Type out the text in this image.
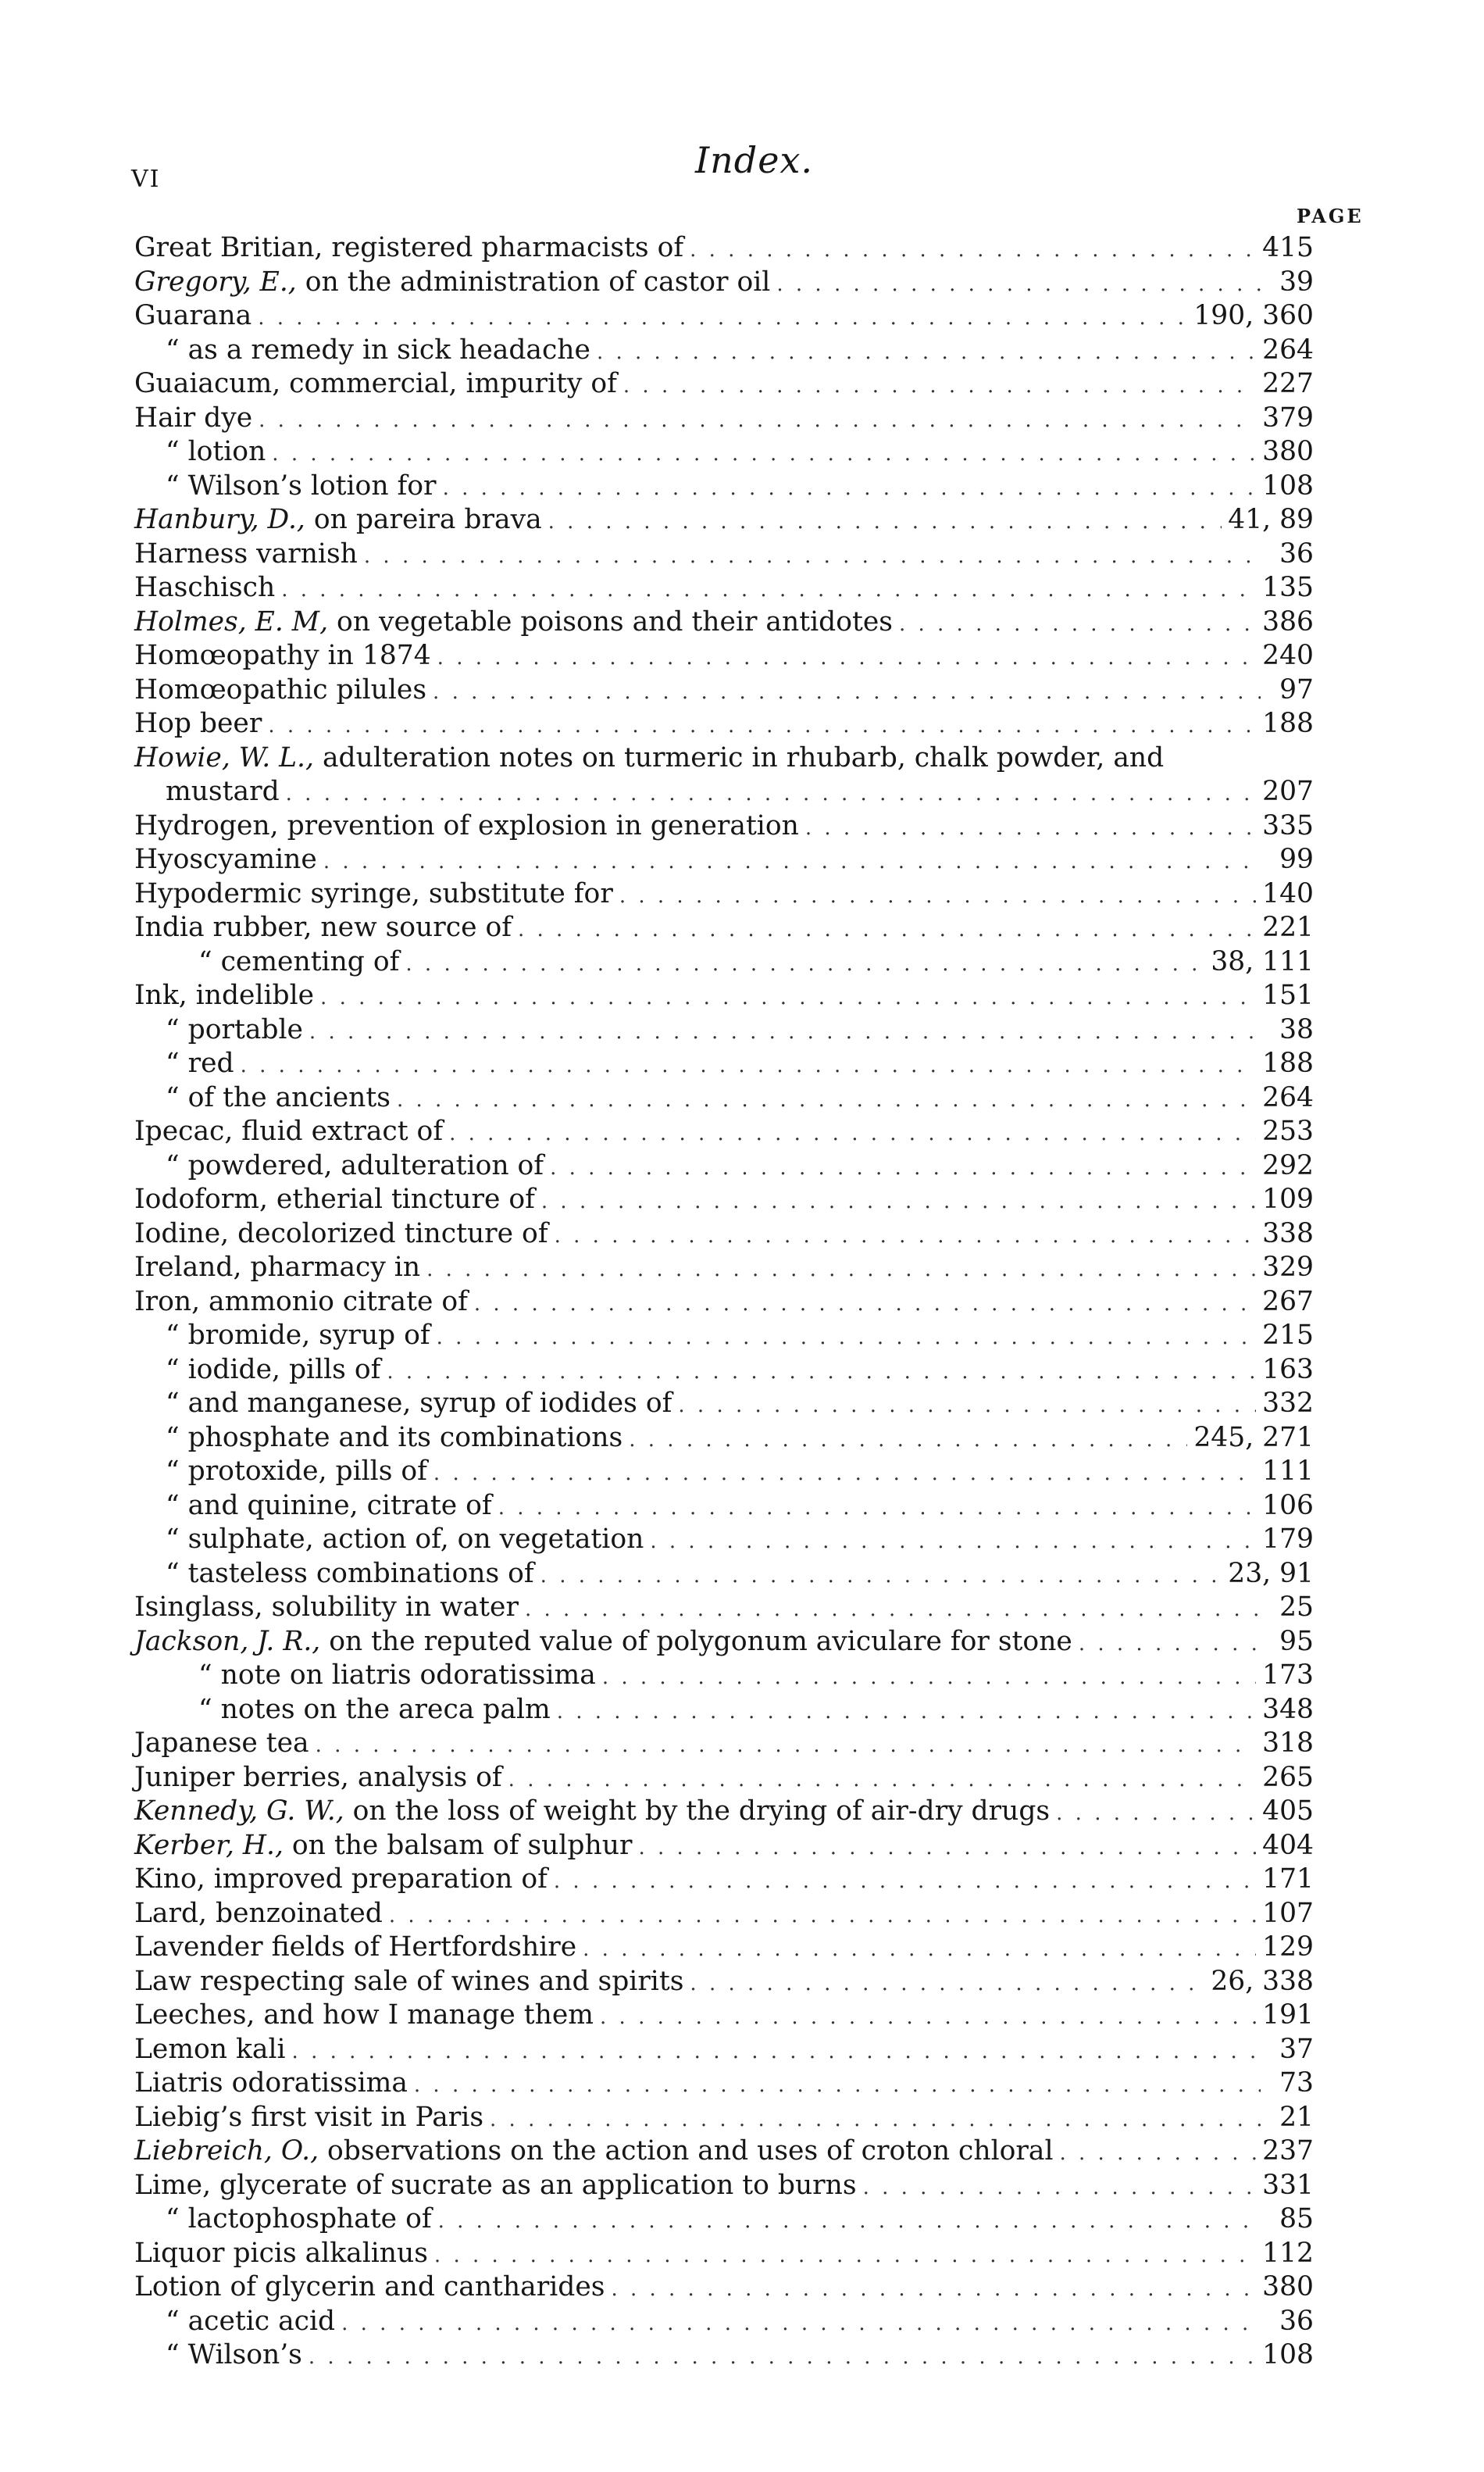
VI	Index.
PAGE
Great Britian, registered pharmacists of . . .	415
Gregory, E., on the administration of castor oil . . .	39
Guarana . . .	190, 360
“ as a remedy in sick headache . . .	264
Guaiacum, commercial, impurity of . . .	227
Hair dye . . .	379
“ lotion . . .	380
“ Wilson’s lotion for . . .	108
Hanbury, D., on pareira brava . . .	41, 89
Harness varnish . . .	36
Haschisch . . .	135
Holmes, E. M, on vegetable poisons and their antidotes . . .	386
Homœopathy in 1874 . . .	240
Homœopathic pilules . . .	97
Hop beer . . .	188
Howie, W. L., adulteration notes on turmeric in rhubarb, chalk powder, and
mustard . . .	207
Hydrogen, prevention of explosion in generation . . .	335
Hyoscyamine . . .	99
Hypodermic syringe, substitute for . . .	140
India rubber, new source of . . .	221
“ cementing of . . .	38, 111
Ink, indelible . . .	151
“ portable . . .	38
“ red . . .	188
“ of the ancients . . .	264
Ipecac, fluid extract of . . .	253
“ powdered, adulteration of . . .	292
Iodoform, etherial tincture of . . .	109
Iodine, decolorized tincture of . . .	338
Ireland, pharmacy in . . .	329
Iron, ammonio citrate of . . .	267
“ bromide, syrup of . . .	215
“ iodide, pills of . . .	163
“ and manganese, syrup of iodides of . . .	332
“ phosphate and its combinations . . .	245, 271
“ protoxide, pills of . . .	111
“ and quinine, citrate of . . .	106
“ sulphate, action of, on vegetation . . .	179
“ tasteless combinations of . . .	23, 91
Isinglass, solubility in water . . .	25
Jackson, J. R., on the reputed value of polygonum aviculare for stone . . .	95
“ note on liatris odoratissima . . .	173
“ notes on the areca palm . . .	348
Japanese tea . . .	318
Juniper berries, analysis of . . .	265
Kennedy, G. W., on the loss of weight by the drying of air-dry drugs . . .	405
Kerber, H., on the balsam of sulphur . . .	404
Kino, improved preparation of . . .	171
Lard, benzoinated . . .	107
Lavender fields of Hertfordshire . . .	129
Law respecting sale of wines and spirits . . .	26, 338
Leeches, and how I manage them . . .	191
Lemon kali . . .	37
Liatris odoratissima . . .	73
Liebig’s first visit in Paris . . .	21
Liebreich, O., observations on the action and uses of croton chloral . . .	237
Lime, glycerate of sucrate as an application to burns . . .	331
“ lactophosphate of . . .	85
Liquor picis alkalinus . . .	112
Lotion of glycerin and cantharides . . .	380
“ acetic acid . . .	36
“ Wilson’s . . .	108
